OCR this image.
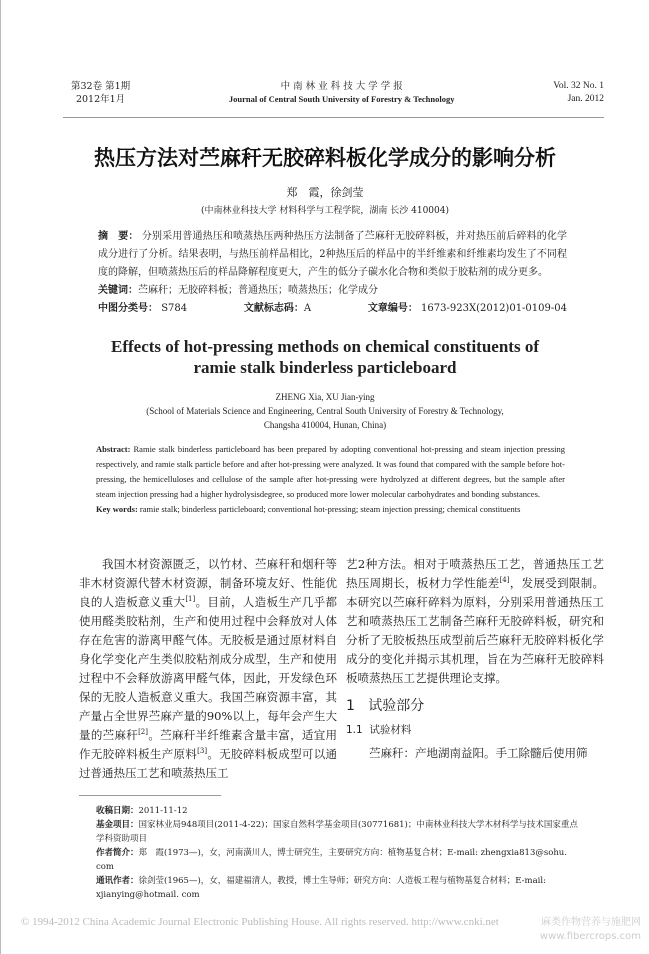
第32卷 第1期
2012年1月
中 南 林 业 科 技 大 学 学 报
Journal of Central South University of Forestry & Technology
Vol. 32 No. 1
Jan. 2012
热压方法对苎麻秆无胶碎料板化学成分的影响分析
郑　霞，徐剑莹
(中南林业科技大学 材料科学与工程学院，湖南 长沙 410004)
摘　要： 分别采用普通热压和喷蒸热压两种热压方法制备了苎麻秆无胶碎料板，并对热压前后碎料的化学成分进行了分析。结果表明，与热压前样品相比，2种热压后的样品中的半纤维素和纤维素均发生了不同程度的降解，但喷蒸热压后的样品降解程度更大，产生的低分子碳水化合物和类似于胶粘剂的成分更多。
关键词：苎麻秆；无胶碎料板；普通热压；喷蒸热压；化学成分
中图分类号： S784	文献标志码：A	文章编号： 1673-923X(2012)01-0109-04
Effects of hot-pressing methods on chemical constituents of
ramie stalk binderless particleboard
ZHENG Xia, XU Jian-ying
(School of Materials Science and Engineering, Central South University of Forestry & Technology,
Changsha 410004, Hunan, China)
Abstract: Ramie stalk binderless particleboard has been prepared by adopting conventional hot-pressing and steam injection pressing respectively, and ramie stalk particle before and after hot-pressing were analyzed. It was found that compared with the sample before hot-pressing, the hemicelluloses and cellulose of the sample after hot-pressing were hydrolyzed at different degrees, but the sample after steam injection pressing had a higher hydrolysisdegree, so produced more lower molecular carbohydrates and bonding substances.
Key words: ramie stalk; binderless particleboard; conventional hot-pressing; steam injection pressing; chemical constituents
我国木材资源匮乏，以竹材、苎麻秆和烟秆等非木材资源代替木材资源，制备环境友好、性能优良的人造板意义重大[1]。目前，人造板生产几乎都使用醛类胶粘剂，生产和使用过程中会释放对人体存在危害的游离甲醛气体。无胶板是通过原材料自身化学变化产生类似胶粘剂成分成型，生产和使用过程中不会释放游离甲醛气体，因此，开发绿色环保的无胶人造板意义重大。我国苎麻资源丰富，其产量占全世界苎麻产量的90%以上，每年会产生大量的苎麻秆[2]。苎麻秆半纤维素含量丰富，适宜用作无胶碎料板生产原料[3]。无胶碎料板成型可以通过普通热压工艺和喷蒸热压工
艺2种方法。相对于喷蒸热压工艺，普通热压工艺热压周期长，板材力学性能差[4]，发展受到限制。本研究以苎麻秆碎料为原料，分别采用普通热压工艺和喷蒸热压工艺制备苎麻秆无胶碎料板，研究和分析了无胶板热压成型前后苎麻秆无胶碎料板化学成分的变化并揭示其机理，旨在为苎麻秆无胶碎料板喷蒸热压工艺提供理论支撑。
1 试验部分
1.1 试验材料
苎麻秆：产地湖南益阳。手工除髓后使用筛
收稿日期：2011-11-12
基金项目：国家林业局948项目(2011-4-22)；国家自然科学基金项目(30771681)；中南林业科技大学木材科学与技术国家重点学科资助项目
作者简介：郑　霞(1973—)，女，河南潢川人，博士研究生，主要研究方向：植物基复合材；E-mail: zhengxia813@sohu. com
通讯作者：徐剑莹(1965—)，女，福建福清人，教授，博士生导师；研究方向：人造板工程与植物基复合材料；E-mail: xjianying@hotmail. com
© 1994-2012 China Academic Journal Electronic Publishing House. All rights reserved. http://www.cnki.net	麻类作物营养与施肥网
www.fibercrops.com
